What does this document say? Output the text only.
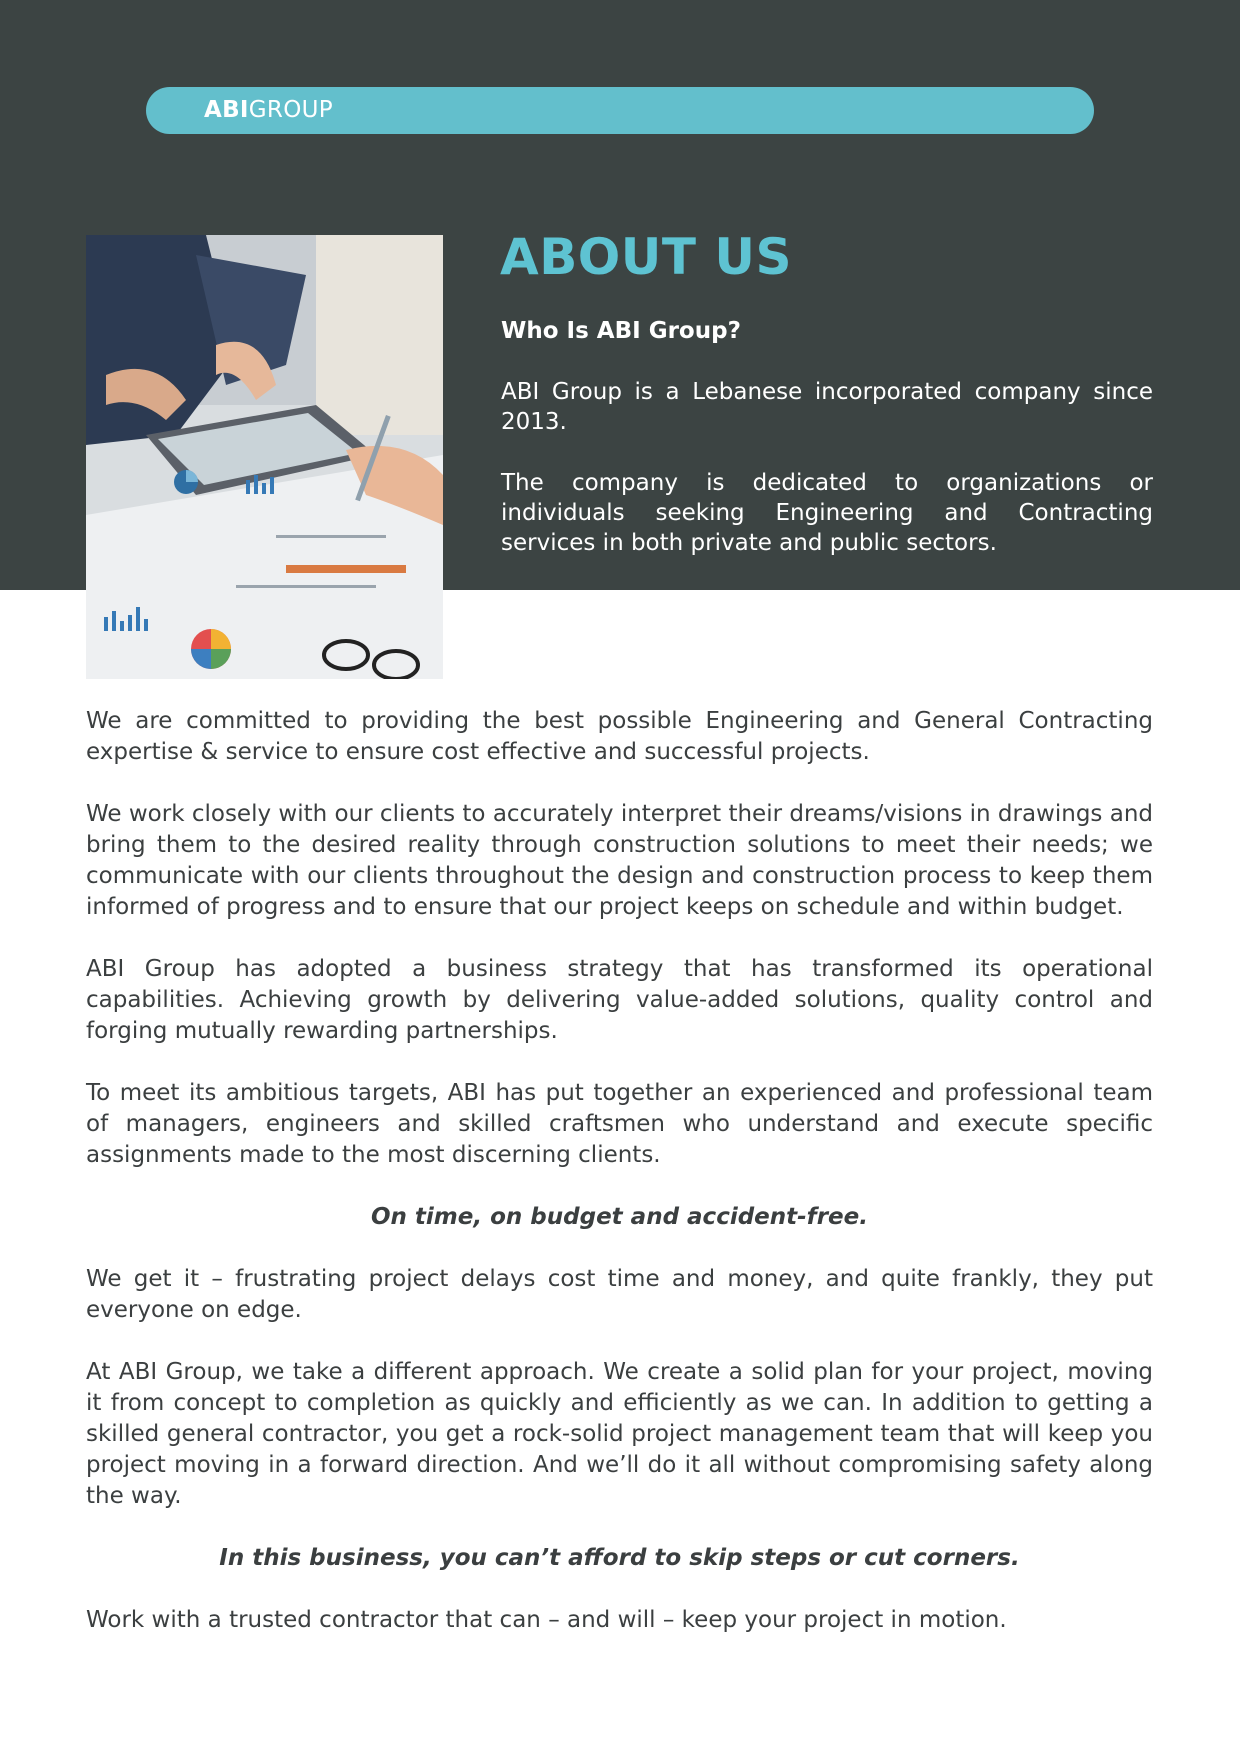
ABIGROUP
ABOUT US
Who Is ABI Group?

ABI Group is a Lebanese incorporated company since 2013.

The company is dedicated to organizations or individuals seeking Engineering and Contracting services in both private and public sectors.

We are committed to providing the best possible Engineering and General Contracting expertise & service to ensure cost effective and successful projects.

We work closely with our clients to accurately interpret their dreams/visions in drawings and bring them to the desired reality through construction solutions to meet their needs; we communicate with our clients throughout the design and construction process to keep them informed of progress and to ensure that our project keeps on schedule and within budget.

ABI Group has adopted a business strategy that has transformed its operational capabilities. Achieving growth by delivering value-added solutions, quality control and forging mutually rewarding partnerships.

To meet its ambitious targets, ABI has put together an experienced and professional team of managers, engineers and skilled craftsmen who understand and execute specific assignments made to the most discerning clients.

On time, on budget and accident-free.

We get it – frustrating project delays cost time and money, and quite frankly, they put everyone on edge.

At ABI Group, we take a different approach. We create a solid plan for your project, moving it from concept to completion as quickly and efficiently as we can. In addition to getting a skilled general contractor, you get a rock-solid project management team that will keep you project moving in a forward direction. And we’ll do it all without compromising safety along the way.

In this business, you can’t afford to skip steps or cut corners.

Work with a trusted contractor that can – and will – keep your project in motion.
